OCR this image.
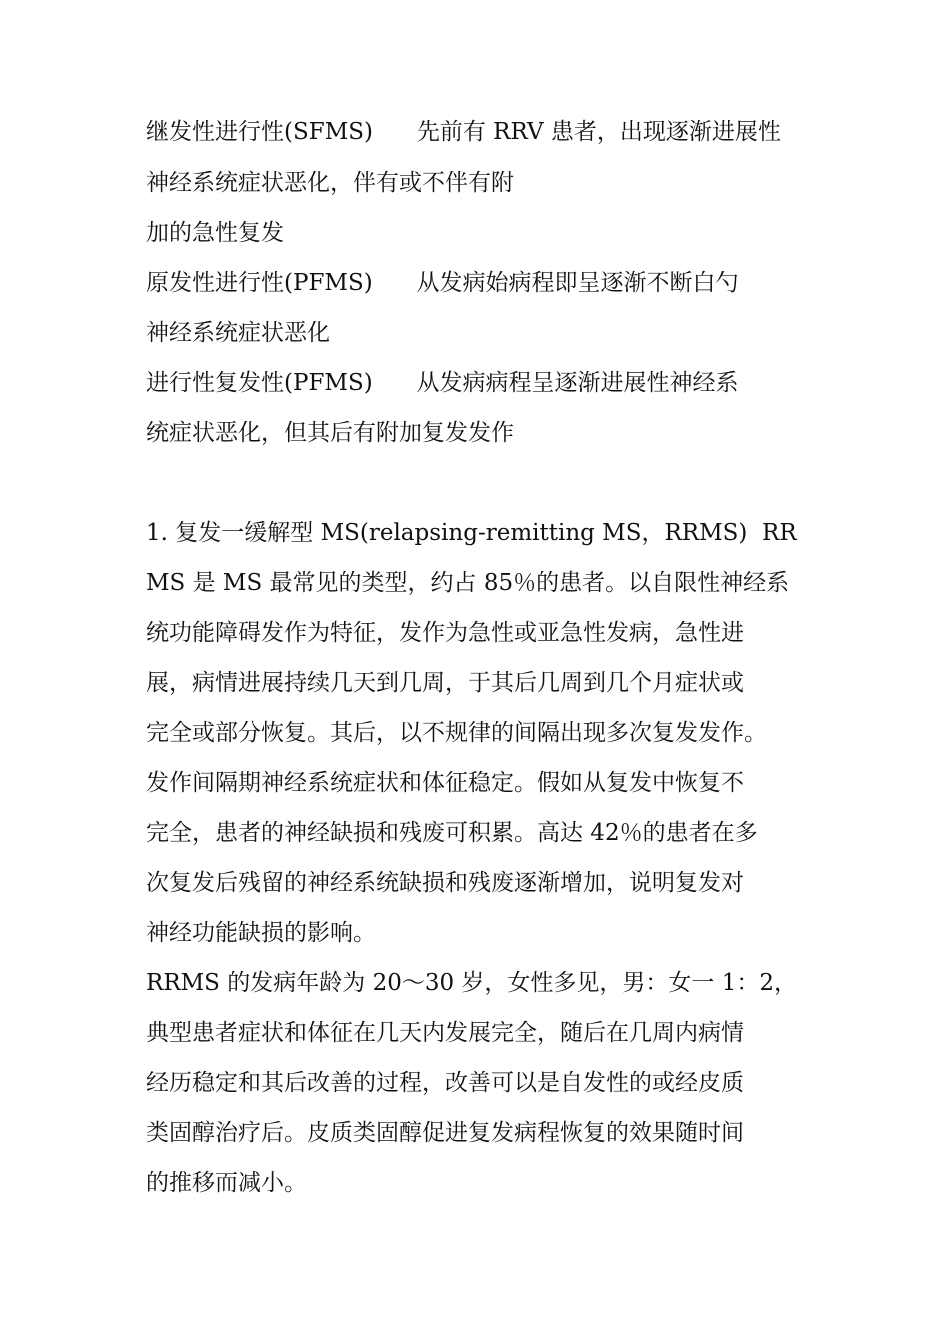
继发性进行性(SFMS)      先前有 RRV 患者，出现逐渐进展性
神经系统症状恶化，伴有或不伴有附
加的急性复发
原发性进行性(PFMS)      从发病始病程即呈逐渐不断白勺
神经系统症状恶化
进行性复发性(PFMS)      从发病病程呈逐渐进展性神经系
统症状恶化，但其后有附加复发发作
1. 复发一缓解型 MS(relapsing-remitting MS，RRMS)  RR
MS 是 MS 最常见的类型，约占 85％的患者。以自限性神经系
统功能障碍发作为特征，发作为急性或亚急性发病，急性进
展，病情进展持续几天到几周，于其后几周到几个月症状或
完全或部分恢复。其后，以不规律的间隔出现多次复发发作。
发作间隔期神经系统症状和体征稳定。假如从复发中恢复不
完全，患者的神经缺损和残废可积累。高达 42％的患者在多
次复发后残留的神经系统缺损和残废逐渐增加，说明复发对
神经功能缺损的影响。
RRMS 的发病年龄为 20～30 岁，女性多见，男：女一 1：2，
典型患者症状和体征在几天内发展完全，随后在几周内病情
经历稳定和其后改善的过程，改善可以是自发性的或经皮质
类固醇治疗后。皮质类固醇促进复发病程恢复的效果随时间
的推移而减小。
